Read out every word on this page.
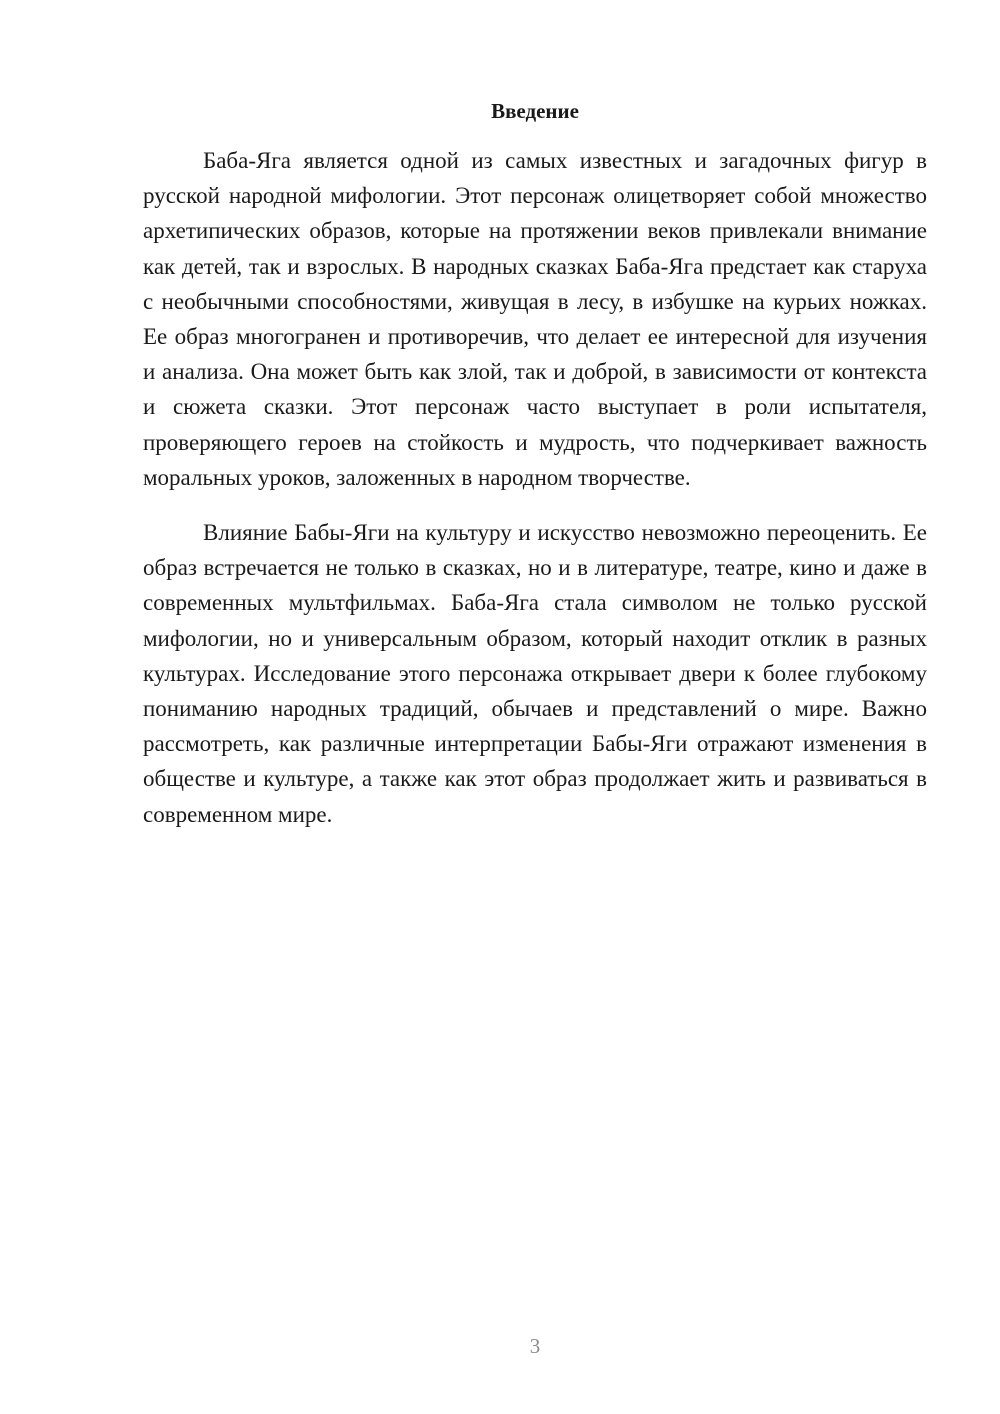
Введение

Баба-Яга является одной из самых известных и загадочных фигур в русской народной мифологии. Этот персонаж олицетворяет собой множество архетипических образов, которые на протяжении веков привлекали внимание как детей, так и взрослых. В народных сказках Баба-Яга предстает как старуха с необычными способностями, живущая в лесу, в избушке на курьих ножках. Ее образ многогранен и противоречив, что делает ее интересной для изучения и анализа. Она может быть как злой, так и доброй, в зависимости от контекста и сюжета сказки. Этот персонаж часто выступает в роли испытателя, проверяющего героев на стойкость и мудрость, что подчеркивает важность моральных уроков, заложенных в народном творчестве.

Влияние Бабы-Яги на культуру и искусство невозможно переоценить. Ее образ встречается не только в сказках, но и в литературе, театре, кино и даже в современных мультфильмах. Баба-Яга стала символом не только русской мифологии, но и универсальным образом, который находит отклик в разных культурах. Исследование этого персонажа открывает двери к более глубокому пониманию народных традиций, обычаев и представлений о мире. Важно рассмотреть, как различные интерпретации Бабы-Яги отражают изменения в обществе и культуре, а также как этот образ продолжает жить и развиваться в современном мире.

3
